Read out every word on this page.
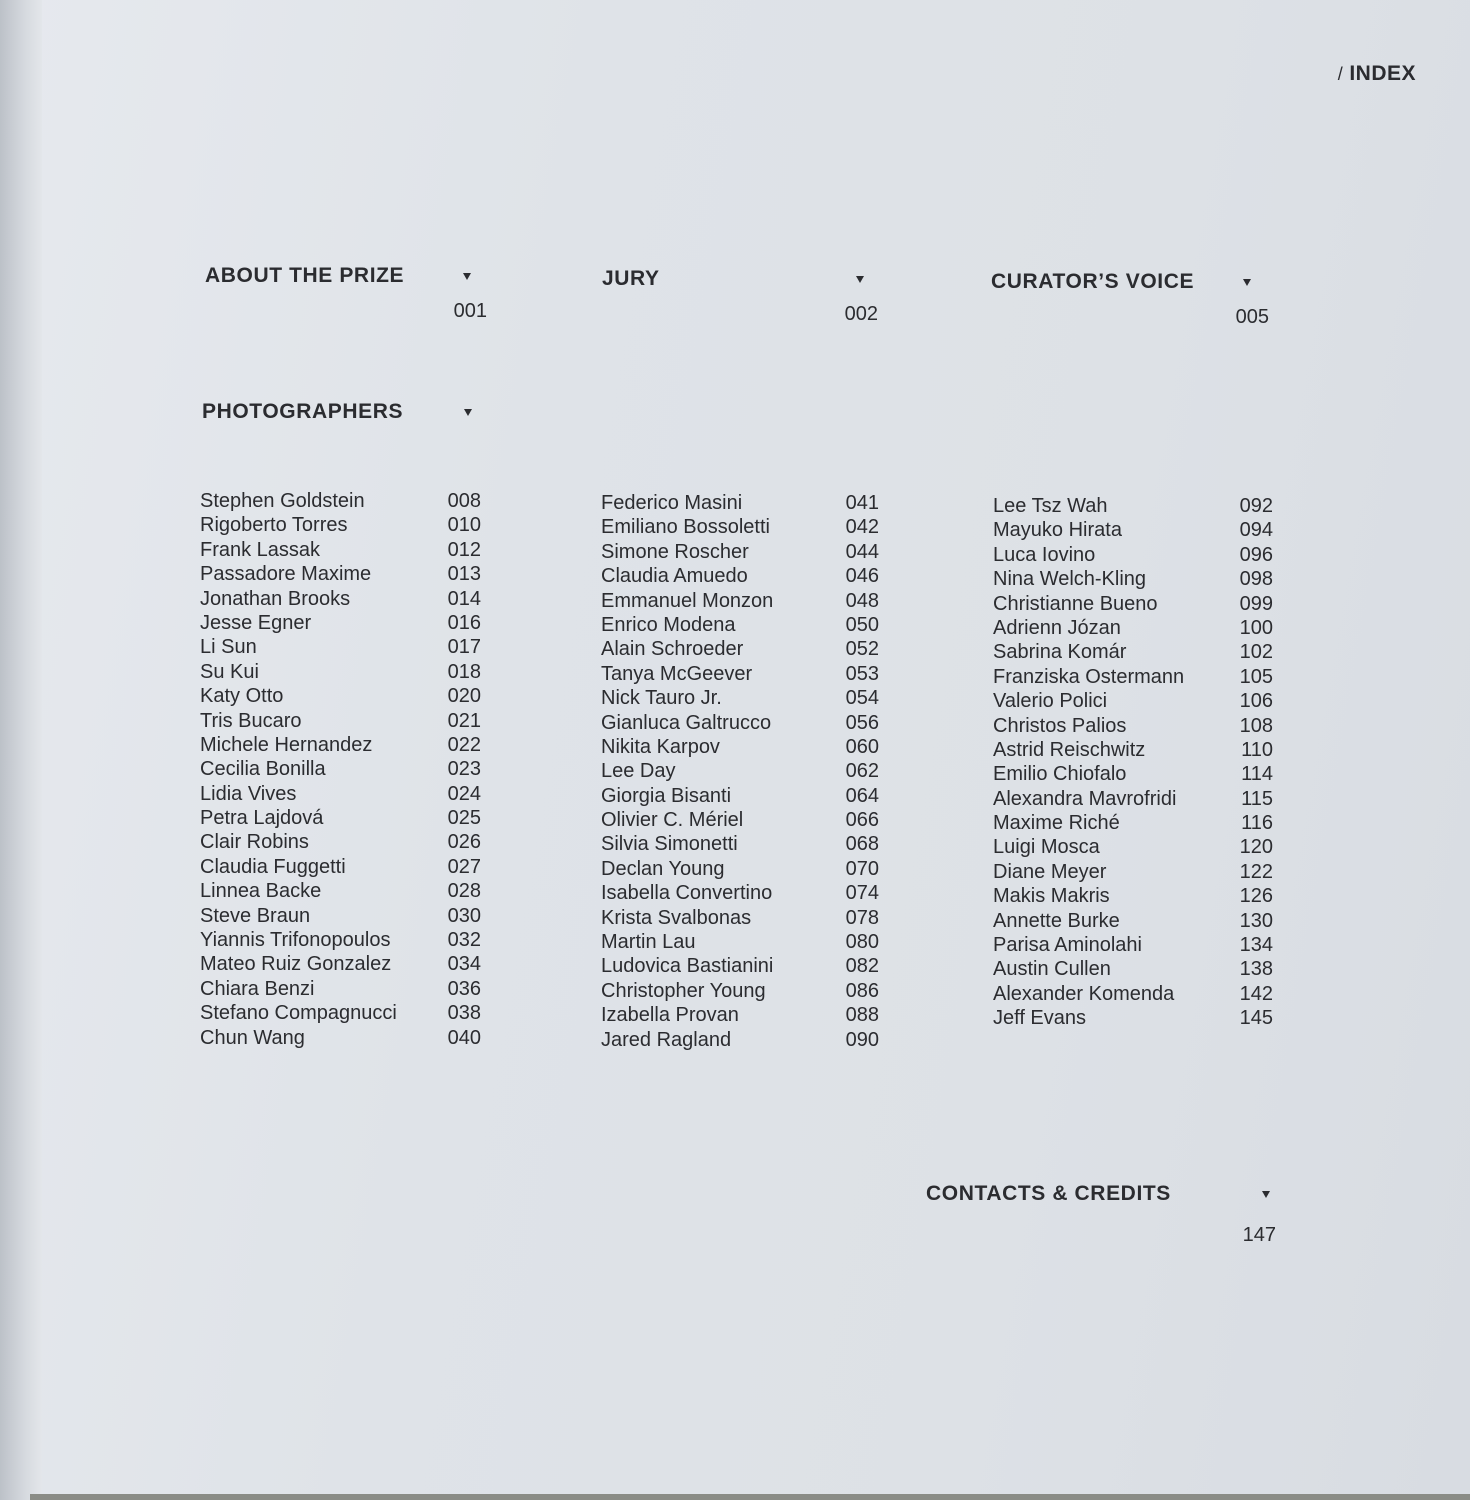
/ INDEX
ABOUT THE PRIZE
001
JURY
002
CURATOR’S VOICE
005
PHOTOGRAPHERS
Stephen Goldstein	008
Rigoberto Torres	010
Frank Lassak	012
Passadore Maxime	013
Jonathan Brooks	014
Jesse Egner	016
Li Sun	017
Su Kui	018
Katy Otto	020
Tris Bucaro	021
Michele Hernandez	022
Cecilia Bonilla	023
Lidia Vives	024
Petra Lajdová	025
Clair Robins	026
Claudia Fuggetti	027
Linnea Backe	028
Steve Braun	030
Yiannis Trifonopoulos	032
Mateo Ruiz Gonzalez	034
Chiara Benzi	036
Stefano Compagnucci	038
Chun Wang	040
Federico Masini	041
Emiliano Bossoletti	042
Simone Roscher	044
Claudia Amuedo	046
Emmanuel Monzon	048
Enrico Modena	050
Alain Schroeder	052
Tanya McGeever	053
Nick Tauro Jr.	054
Gianluca Galtrucco	056
Nikita Karpov	060
Lee Day	062
Giorgia Bisanti	064
Olivier C. Mériel	066
Silvia Simonetti	068
Declan Young	070
Isabella Convertino	074
Krista Svalbonas	078
Martin Lau	080
Ludovica Bastianini	082
Christopher Young	086
Izabella Provan	088
Jared Ragland	090
Lee Tsz Wah	092
Mayuko Hirata	094
Luca Iovino	096
Nina Welch-Kling	098
Christianne Bueno	099
Adrienn Józan	100
Sabrina Komár	102
Franziska Ostermann	105
Valerio Polici	106
Christos Palios	108
Astrid Reischwitz	110
Emilio Chiofalo	114
Alexandra Mavrofridi	115
Maxime Riché	116
Luigi Mosca	120
Diane Meyer	122
Makis Makris	126
Annette Burke	130
Parisa Aminolahi	134
Austin Cullen	138
Alexander Komenda	142
Jeff Evans	145
CONTACTS & CREDITS
147
